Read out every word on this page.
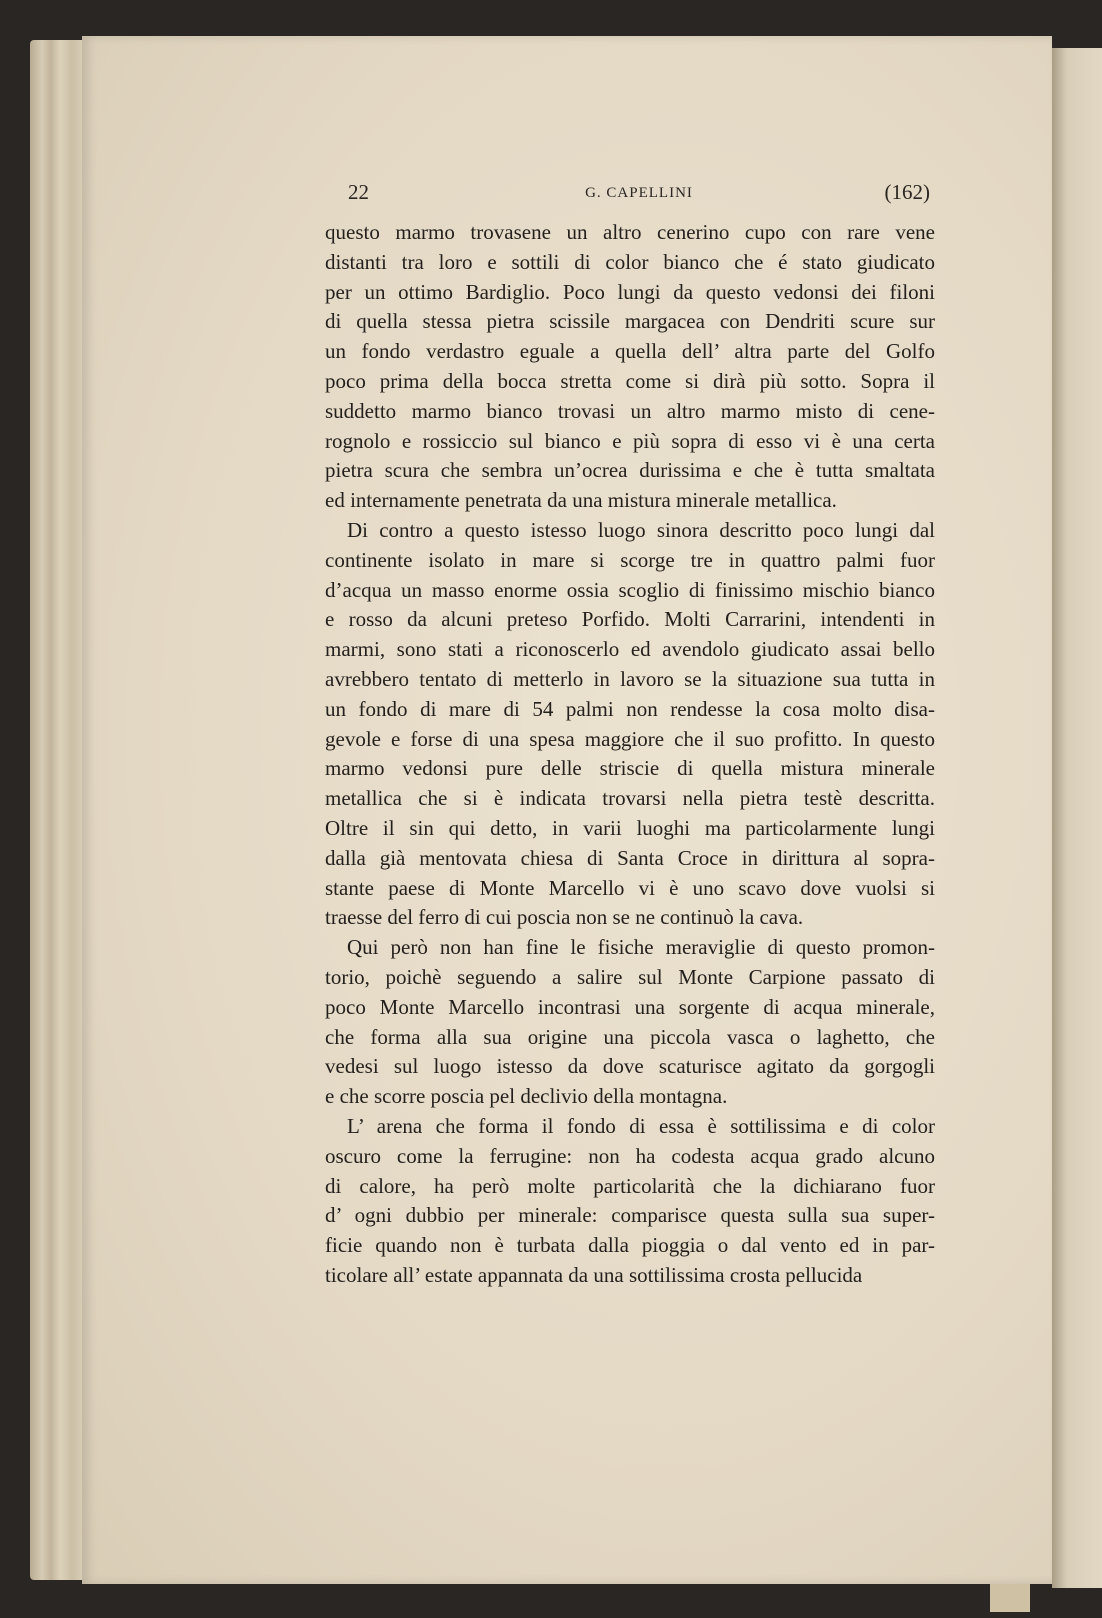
22	G. CAPELLINI	(162)
questo marmo trovasene un altro cenerino cupo con rare vene
distanti tra loro e sottili di color bianco che é stato giudicato
per un ottimo Bardiglio. Poco lungi da questo vedonsi dei filoni
di quella stessa pietra scissile margacea con Dendriti scure sur
un fondo verdastro eguale a quella dell’ altra parte del Golfo
poco prima della bocca stretta come si dirà più sotto. Sopra il
suddetto marmo bianco trovasi un altro marmo misto di cene-
rognolo e rossiccio sul bianco e più sopra di esso vi è una certa
pietra scura che sembra un’ocrea durissima e che è tutta smaltata
ed internamente penetrata da una mistura minerale metallica.
Di contro a questo istesso luogo sinora descritto poco lungi dal
continente isolato in mare si scorge tre in quattro palmi fuor
d’acqua un masso enorme ossia scoglio di finissimo mischio bianco
e rosso da alcuni preteso Porfido. Molti Carrarini, intendenti in
marmi, sono stati a riconoscerlo ed avendolo giudicato assai bello
avrebbero tentato di metterlo in lavoro se la situazione sua tutta in
un fondo di mare di 54 palmi non rendesse la cosa molto disa-
gevole e forse di una spesa maggiore che il suo profitto. In questo
marmo vedonsi pure delle striscie di quella mistura minerale
metallica che si è indicata trovarsi nella pietra testè descritta.
Oltre il sin qui detto, in varii luoghi ma particolarmente lungi
dalla già mentovata chiesa di Santa Croce in dirittura al sopra-
stante paese di Monte Marcello vi è uno scavo dove vuolsi si
traesse del ferro di cui poscia non se ne continuò la cava.
Qui però non han fine le fisiche meraviglie di questo promon-
torio, poichè seguendo a salire sul Monte Carpione passato di
poco Monte Marcello incontrasi una sorgente di acqua minerale,
che forma alla sua origine una piccola vasca o laghetto, che
vedesi sul luogo istesso da dove scaturisce agitato da gorgogli
e che scorre poscia pel declivio della montagna.
L’ arena che forma il fondo di essa è sottilissima e di color
oscuro come la ferrugine: non ha codesta acqua grado alcuno
di calore, ha però molte particolarità che la dichiarano fuor
d’ ogni dubbio per minerale: comparisce questa sulla sua super-
ficie quando non è turbata dalla pioggia o dal vento ed in par-
ticolare all’ estate appannata da una sottilissima crosta pellucida
